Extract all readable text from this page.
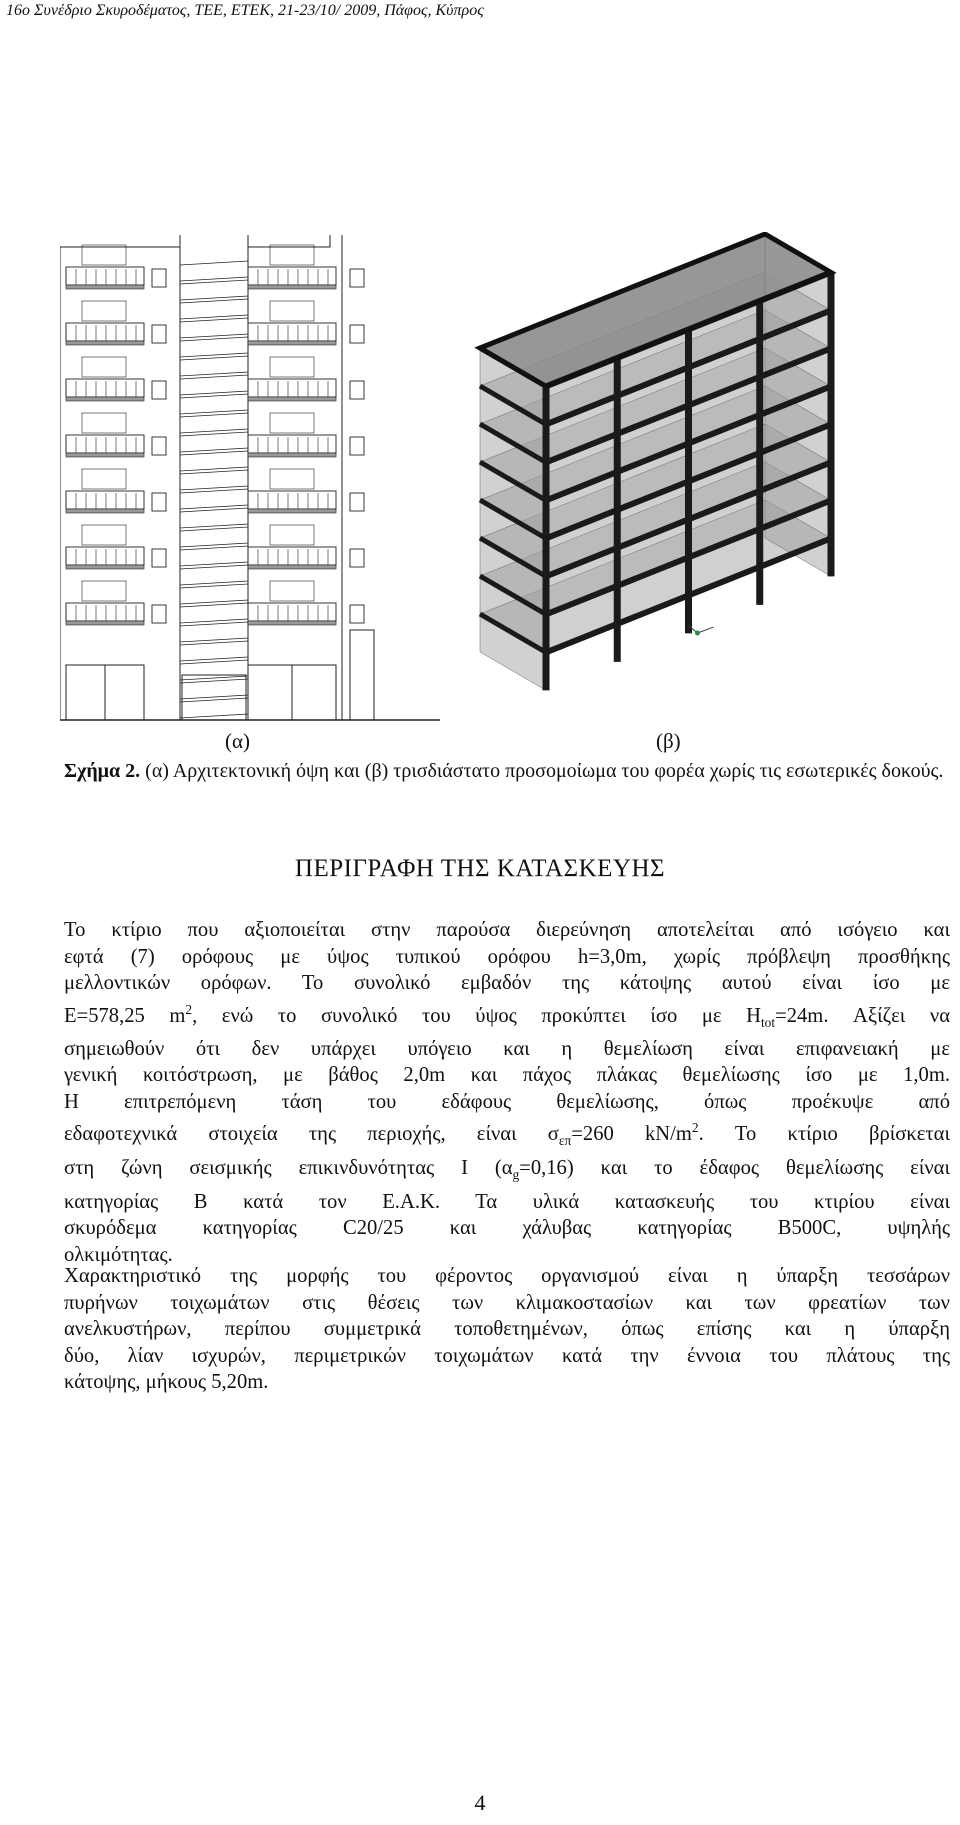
16ο Συνέδριο Σκυροδέματος, ΤΕΕ, ΕΤΕΚ, 21-23/10/ 2009, Πάφος, Κύπρος
(α)	(β)
Σχήμα 2. (α) Αρχιτεκτονική όψη και (β) τρισδιάστατο προσομοίωμα του φορέα χωρίς τις εσωτερικές δοκούς.
ΠΕΡΙΓΡΑΦΗ ΤΗΣ ΚΑΤΑΣΚΕΥΗΣ
Το κτίριο που αξιοποιείται στην παρούσα διερεύνηση αποτελείται από ισόγειο και
εφτά (7) ορόφους με ύψος τυπικού ορόφου h=3,0m, χωρίς πρόβλεψη προσθήκης
μελλοντικών ορόφων. Το συνολικό εμβαδόν της κάτοψης αυτού είναι ίσο με
E=578,25 $m^2$, ενώ το συνολικό του ύψος προκύπτει ίσο με $H_{tot}=24m$. Αξίζει να
σημειωθούν ότι δεν υπάρχει υπόγειο και η θεμελίωση είναι επιφανειακή με
γενική κοιτόστρωση, με βάθος 2,0m και πάχος πλάκας θεμελίωσης ίσο με 1,0m.
Η επιτρεπόμενη τάση του εδάφους θεμελίωσης, όπως προέκυψε από
εδαφοτεχνικά στοιχεία της περιοχής, είναι $\sigma_{\varepsilon\pi}=260$ $kN/m^2$. Το κτίριο βρίσκεται
στη ζώνη σεισμικής επικινδυνότητας Ι $(\alpha_g=0,16)$ και το έδαφος θεμελίωσης είναι
κατηγορίας Β κατά τον Ε.Α.Κ. Τα υλικά κατασκευής του κτιρίου είναι
σκυρόδεμα κατηγορίας C20/25 και χάλυβας κατηγορίας B500C, υψηλής
ολκιμότητας.
Χαρακτηριστικό της μορφής του φέροντος οργανισμού είναι η ύπαρξη τεσσάρων
πυρήνων τοιχωμάτων στις θέσεις των κλιμακοστασίων και των φρεατίων των
ανελκυστήρων, περίπου συμμετρικά τοποθετημένων, όπως επίσης και η ύπαρξη
δύο, λίαν ισχυρών, περιμετρικών τοιχωμάτων κατά την έννοια του πλάτους της
κάτοψης, μήκους 5,20m.
4
